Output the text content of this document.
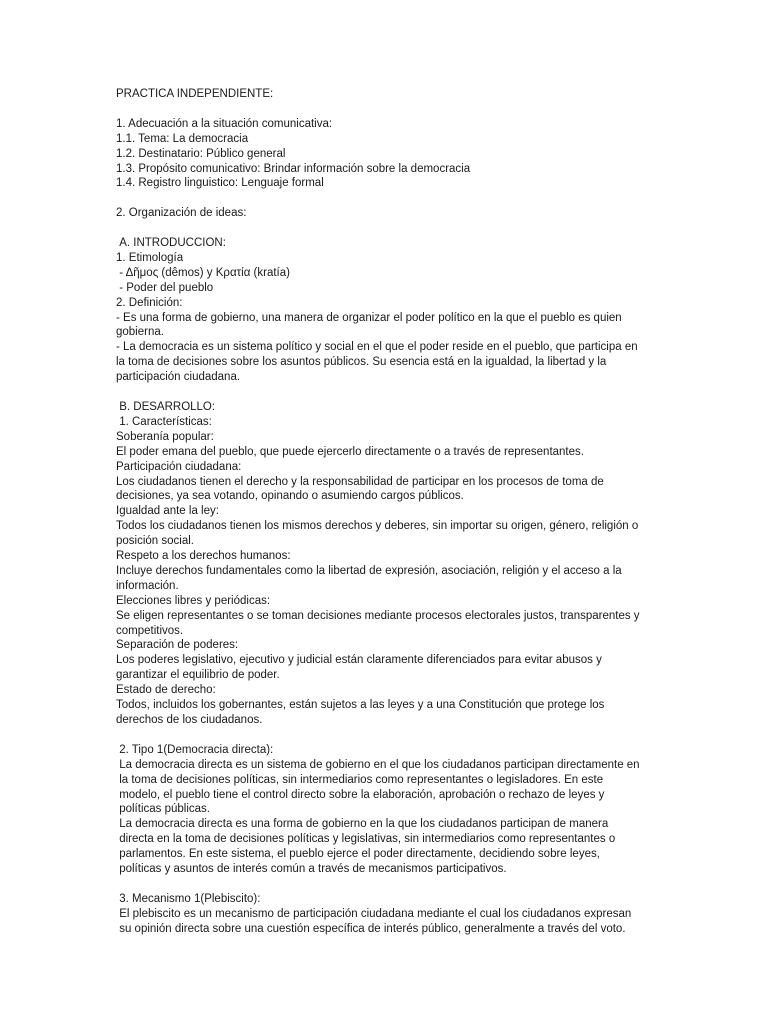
PRACTICA INDEPENDIENTE:
1. Adecuación a la situación comunicativa:
1.1. Tema: La democracia
1.2. Destinatario: Público general
1.3. Propósito comunicativo: Brindar información sobre la democracia
1.4. Registro linguistico: Lenguaje formal
2. Organización de ideas:
A. INTRODUCCION:
1. Etimología
- Δῆμος (dêmos) y Κρατία (kratía)
- Poder del pueblo
2. Definición:
- Es una forma de gobierno, una manera de organizar el poder político en la que el pueblo es quien
gobierna.
- La democracia es un sistema político y social en el que el poder reside en el pueblo, que participa en
la toma de decisiones sobre los asuntos públicos. Su esencia está en la igualdad, la libertad y la
participación ciudadana.
B. DESARROLLO:
1. Características:
Soberanía popular:
El poder emana del pueblo, que puede ejercerlo directamente o a través de representantes.
Participación ciudadana:
Los ciudadanos tienen el derecho y la responsabilidad de participar en los procesos de toma de
decisiones, ya sea votando, opinando o asumiendo cargos públicos.
Igualdad ante la ley:
Todos los ciudadanos tienen los mismos derechos y deberes, sin importar su origen, género, religión o
posición social.
Respeto a los derechos humanos:
Incluye derechos fundamentales como la libertad de expresión, asociación, religión y el acceso a la
información.
Elecciones libres y periódicas:
Se eligen representantes o se toman decisiones mediante procesos electorales justos, transparentes y
competitivos.
Separación de poderes:
Los poderes legislativo, ejecutivo y judicial están claramente diferenciados para evitar abusos y
garantizar el equilibrio de poder.
Estado de derecho:
Todos, incluidos los gobernantes, están sujetos a las leyes y a una Constitución que protege los
derechos de los ciudadanos.
2. Tipo 1(Democracia directa):
La democracia directa es un sistema de gobierno en el que los ciudadanos participan directamente en
la toma de decisiones políticas, sin intermediarios como representantes o legisladores. En este
modelo, el pueblo tiene el control directo sobre la elaboración, aprobación o rechazo de leyes y
políticas públicas.
La democracia directa es una forma de gobierno en la que los ciudadanos participan de manera
directa en la toma de decisiones políticas y legislativas, sin intermediarios como representantes o
parlamentos. En este sistema, el pueblo ejerce el poder directamente, decidiendo sobre leyes,
políticas y asuntos de interés común a través de mecanismos participativos.
3. Mecanismo 1(Plebiscito):
El plebiscito es un mecanismo de participación ciudadana mediante el cual los ciudadanos expresan
su opinión directa sobre una cuestión específica de interés público, generalmente a través del voto.
